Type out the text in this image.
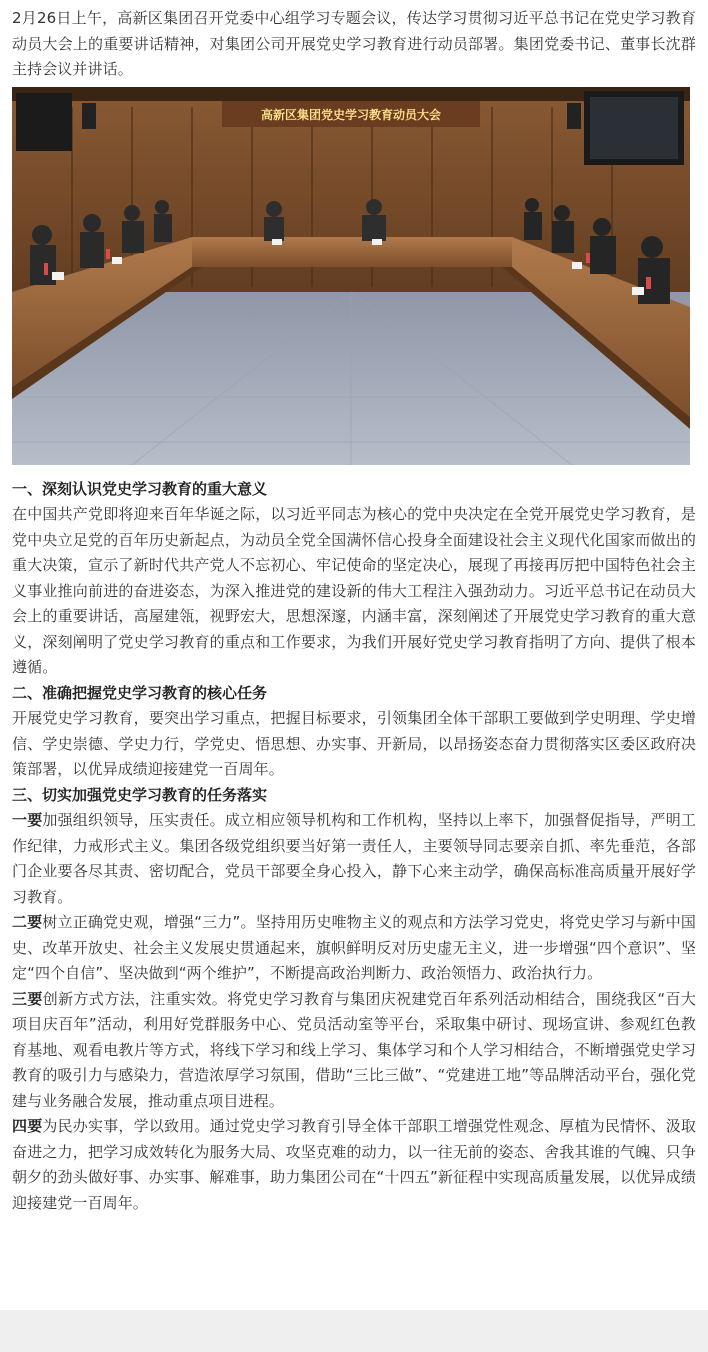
2月26日上午，高新区集团召开党委中心组学习专题会议，传达学习贯彻习近平总书记在党史学习教育动员大会上的重要讲话精神，对集团公司开展党史学习教育进行动员部署。集团党委书记、董事长沈群主持会议并讲话。

高新区集团党史学习教育动员大会
一、深刻认识党史学习教育的重大意义

在中国共产党即将迎来百年华诞之际，以习近平同志为核心的党中央决定在全党开展党史学习教育，是党中央立足党的百年历史新起点，为动员全党全国满怀信心投身全面建设社会主义现代化国家而做出的重大决策，宣示了新时代共产党人不忘初心、牢记使命的坚定决心，展现了再接再厉把中国特色社会主义事业推向前进的奋进姿态，为深入推进党的建设新的伟大工程注入强劲动力。习近平总书记在动员大会上的重要讲话，高屋建瓴，视野宏大，思想深邃，内涵丰富，深刻阐述了开展党史学习教育的重大意义，深刻阐明了党史学习教育的重点和工作要求，为我们开展好党史学习教育指明了方向、提供了根本遵循。

二、准确把握党史学习教育的核心任务

开展党史学习教育，要突出学习重点，把握目标要求，引领集团全体干部职工要做到学史明理、学史增信、学史崇德、学史力行，学党史、悟思想、办实事、开新局，以昂扬姿态奋力贯彻落实区委区政府决策部署，以优异成绩迎接建党一百周年。

三、切实加强党史学习教育的任务落实

一要加强组织领导，压实责任。成立相应领导机构和工作机构，坚持以上率下，加强督促指导，严明工作纪律，力戒形式主义。集团各级党组织要当好第一责任人，主要领导同志要亲自抓、率先垂范，各部门企业要各尽其责、密切配合，党员干部要全身心投入，静下心来主动学，确保高标准高质量开展好学习教育。

二要树立正确党史观，增强“三力”。坚持用历史唯物主义的观点和方法学习党史，将党史学习与新中国史、改革开放史、社会主义发展史贯通起来，旗帜鲜明反对历史虚无主义，进一步增强“四个意识”、坚定“四个自信”、坚决做到“两个维护”，不断提高政治判断力、政治领悟力、政治执行力。

三要创新方式方法，注重实效。将党史学习教育与集团庆祝建党百年系列活动相结合，围绕我区“百大项目庆百年”活动，利用好党群服务中心、党员活动室等平台，采取集中研讨、现场宣讲、参观红色教育基地、观看电教片等方式，将线下学习和线上学习、集体学习和个人学习相结合，不断增强党史学习教育的吸引力与感染力，营造浓厚学习氛围，借助“三比三做”、“党建进工地”等品牌活动平台，强化党建与业务融合发展，推动重点项目进程。

四要为民办实事，学以致用。通过党史学习教育引导全体干部职工增强党性观念、厚植为民情怀、汲取奋进之力，把学习成效转化为服务大局、攻坚克难的动力，以一往无前的姿态、舍我其谁的气魄、只争朝夕的劲头做好事、办实事、解难事，助力集团公司在“十四五”新征程中实现高质量发展，以优异成绩迎接建党一百周年。
